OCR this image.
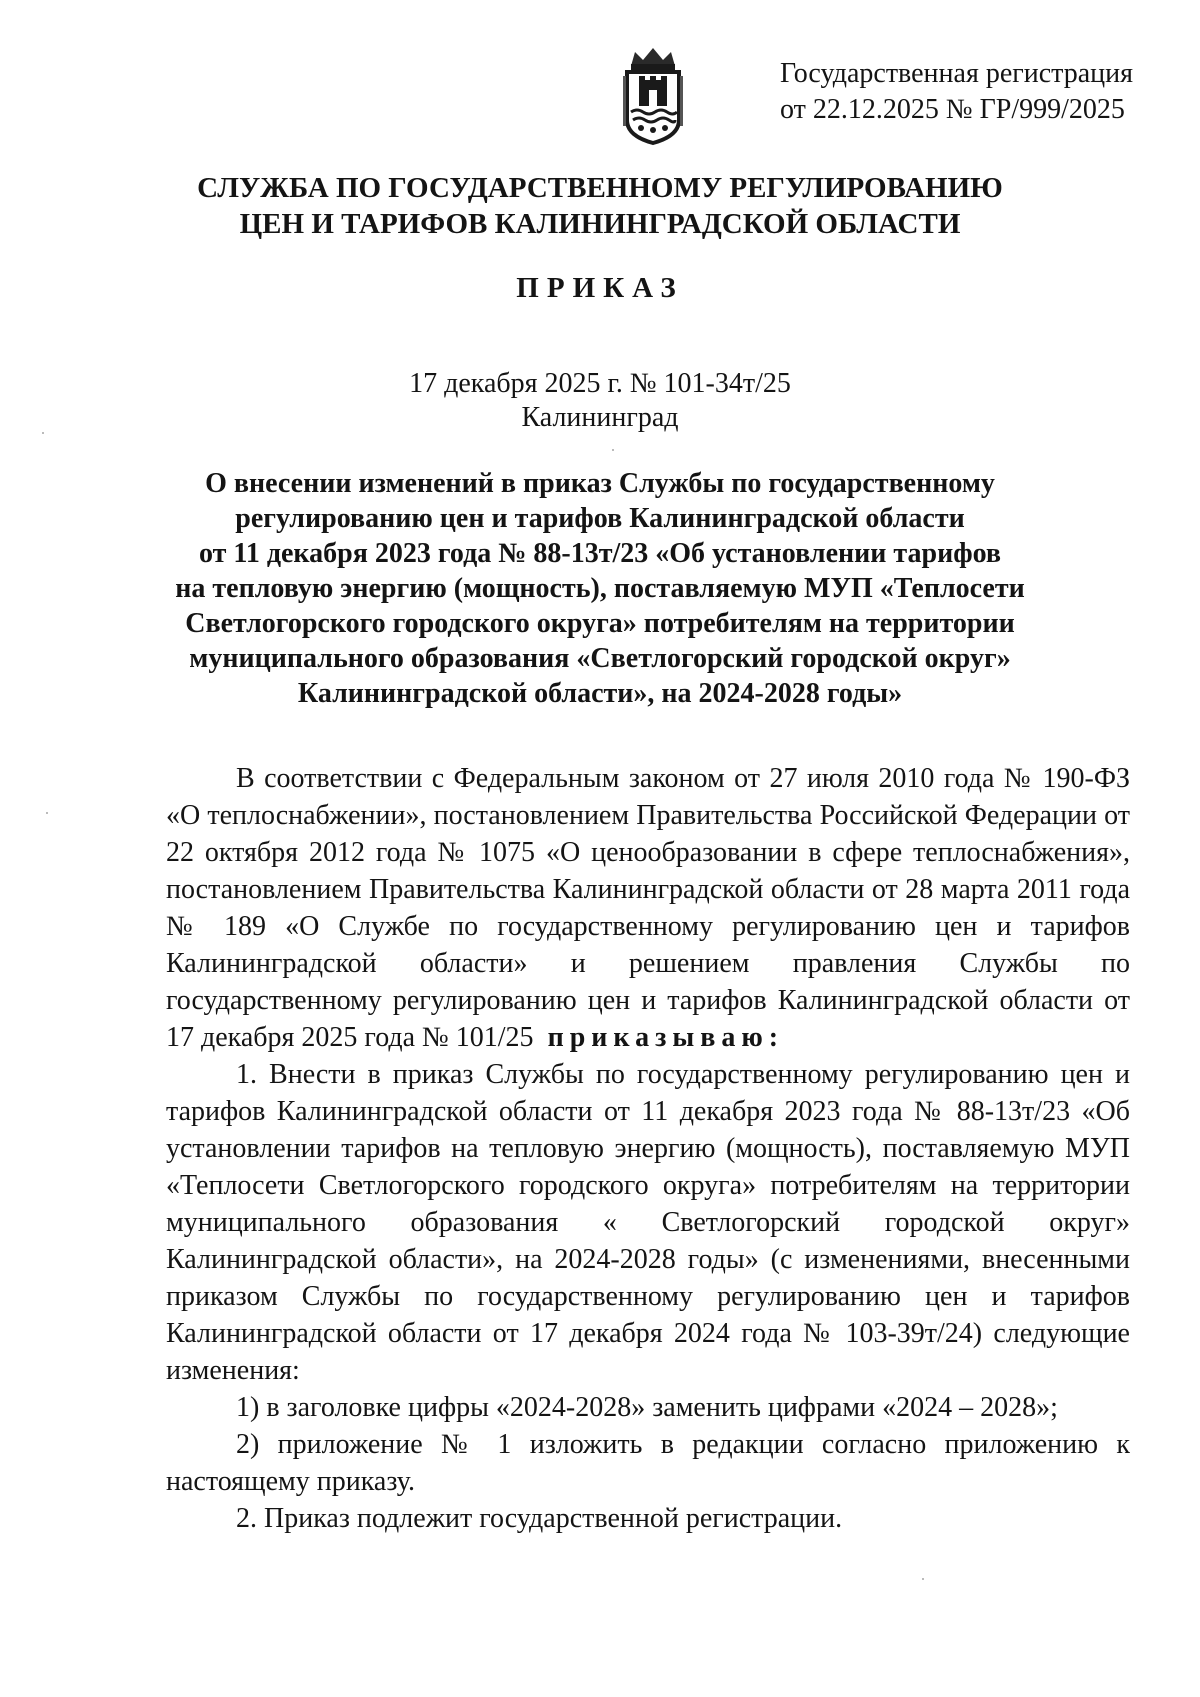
Государственная регистрация
от 22.12.2025 № ГР/999/2025
СЛУЖБА ПО ГОСУДАРСТВЕННОМУ РЕГУЛИРОВАНИЮ
ЦЕН И ТАРИФОВ КАЛИНИНГРАДСКОЙ ОБЛАСТИ
ПРИКАЗ
17 декабря 2025 г. № 101-34т/25
Калининград
О внесении изменений в приказ Службы по государственному
регулированию цен и тарифов Калининградской области
от 11 декабря 2023 года № 88-13т/23 «Об установлении тарифов
на тепловую энергию (мощность), поставляемую МУП «Теплосети
Светлогорского городского округа» потребителям на территории
муниципального образования «Светлогорский городской округ»
Калининградской области», на 2024-2028 годы»

В соответствии с Федеральным законом от 27 июля 2010 года № 190-ФЗ «О теплоснабжении», постановлением Правительства Российской Федерации от 22 октября 2012 года № 1075 «О ценообразовании в сфере теплоснабжения», постановлением Правительства Калининградской области от 28 марта 2011 года № 189 «О Службе по государственному регулированию цен и тарифов Калининградской области» и решением правления Службы по государственному регулированию цен и тарифов Калининградской области от 17 декабря 2025 года № 101/25 приказываю:

1. Внести в приказ Службы по государственному регулированию цен и тарифов Калининградской области от 11 декабря 2023 года № 88-13т/23 «Об установлении тарифов на тепловую энергию (мощность), поставляемую МУП «Теплосети Светлогорского городского округа» потребителям на территории муниципального образования « Светлогорский городской округ» Калининградской области», на 2024-2028 годы» (с изменениями, внесенными приказом Службы по государственному регулированию цен и тарифов Калининградской области от 17 декабря 2024 года № 103-39т/24) следующие изменения:

1) в заголовке цифры «2024-2028» заменить цифрами «2024 – 2028»;

2) приложение № 1 изложить в редакции согласно приложению к настоящему приказу.

2. Приказ подлежит государственной регистрации.
